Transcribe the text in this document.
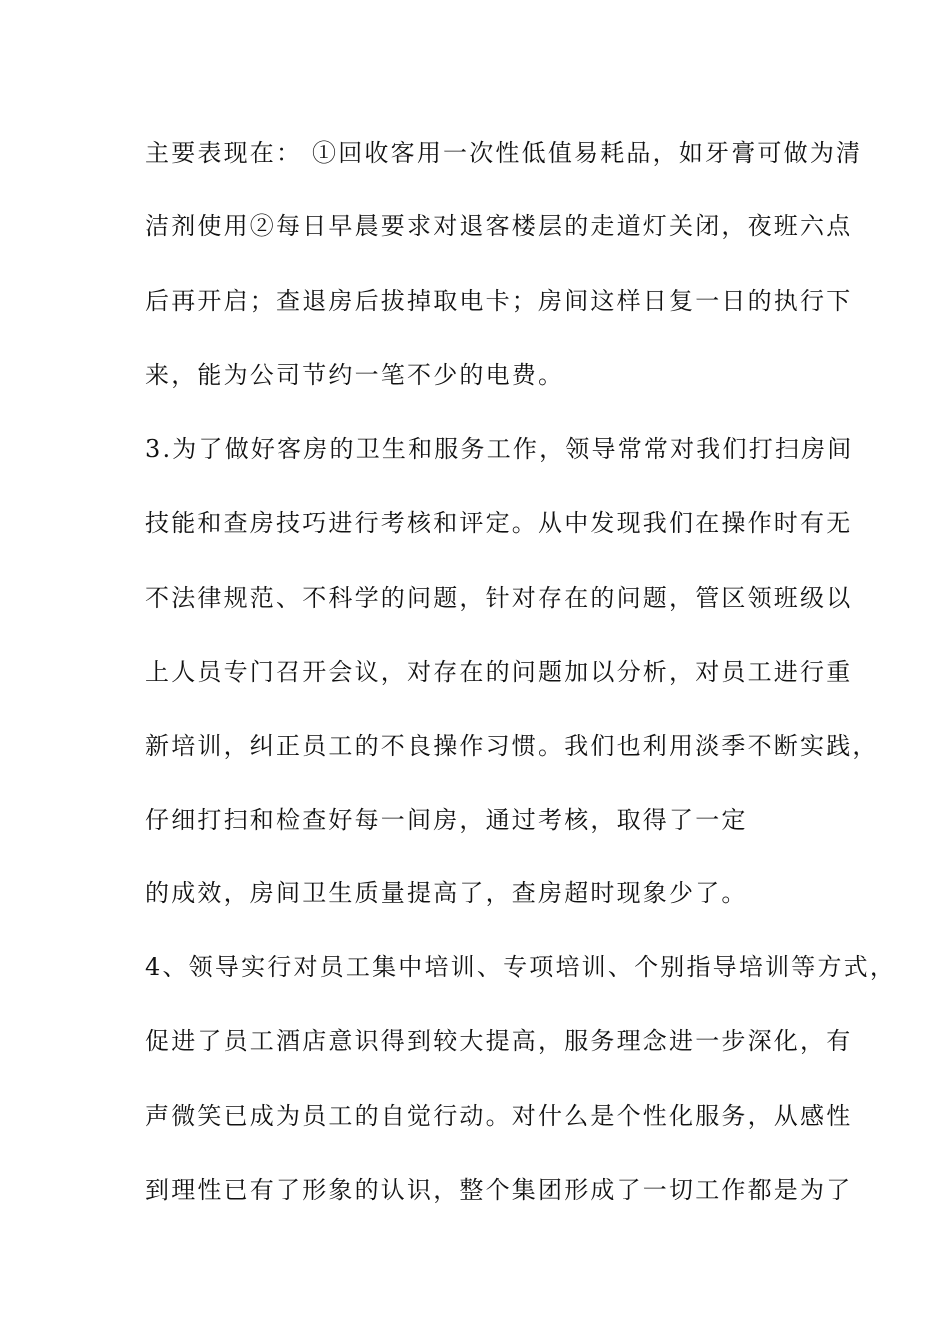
主要表现在： ①回收客用一次性低值易耗品，如牙膏可做为清
洁剂使用②每日早晨要求对退客楼层的走道灯关闭，夜班六点
后再开启；查退房后拔掉取电卡；房间这样日复一日的执行下
来，能为公司节约一笔不少的电费。
3.为了做好客房的卫生和服务工作，领导常常对我们打扫房间
技能和查房技巧进行考核和评定。从中发现我们在操作时有无
不法律规范、不科学的问题，针对存在的问题，管区领班级以
上人员专门召开会议，对存在的问题加以分析，对员工进行重
新培训，纠正员工的不良操作习惯。我们也利用淡季不断实践，
仔细打扫和检查好每一间房，通过考核，取得了一定
的成效，房间卫生质量提高了，查房超时现象少了。
4、领导实行对员工集中培训、专项培训、个别指导培训等方式，
促进了员工酒店意识得到较大提高，服务理念进一步深化，有
声微笑已成为员工的自觉行动。对什么是个性化服务，从感性
到理性已有了形象的认识，整个集团形成了一切工作都是为了
